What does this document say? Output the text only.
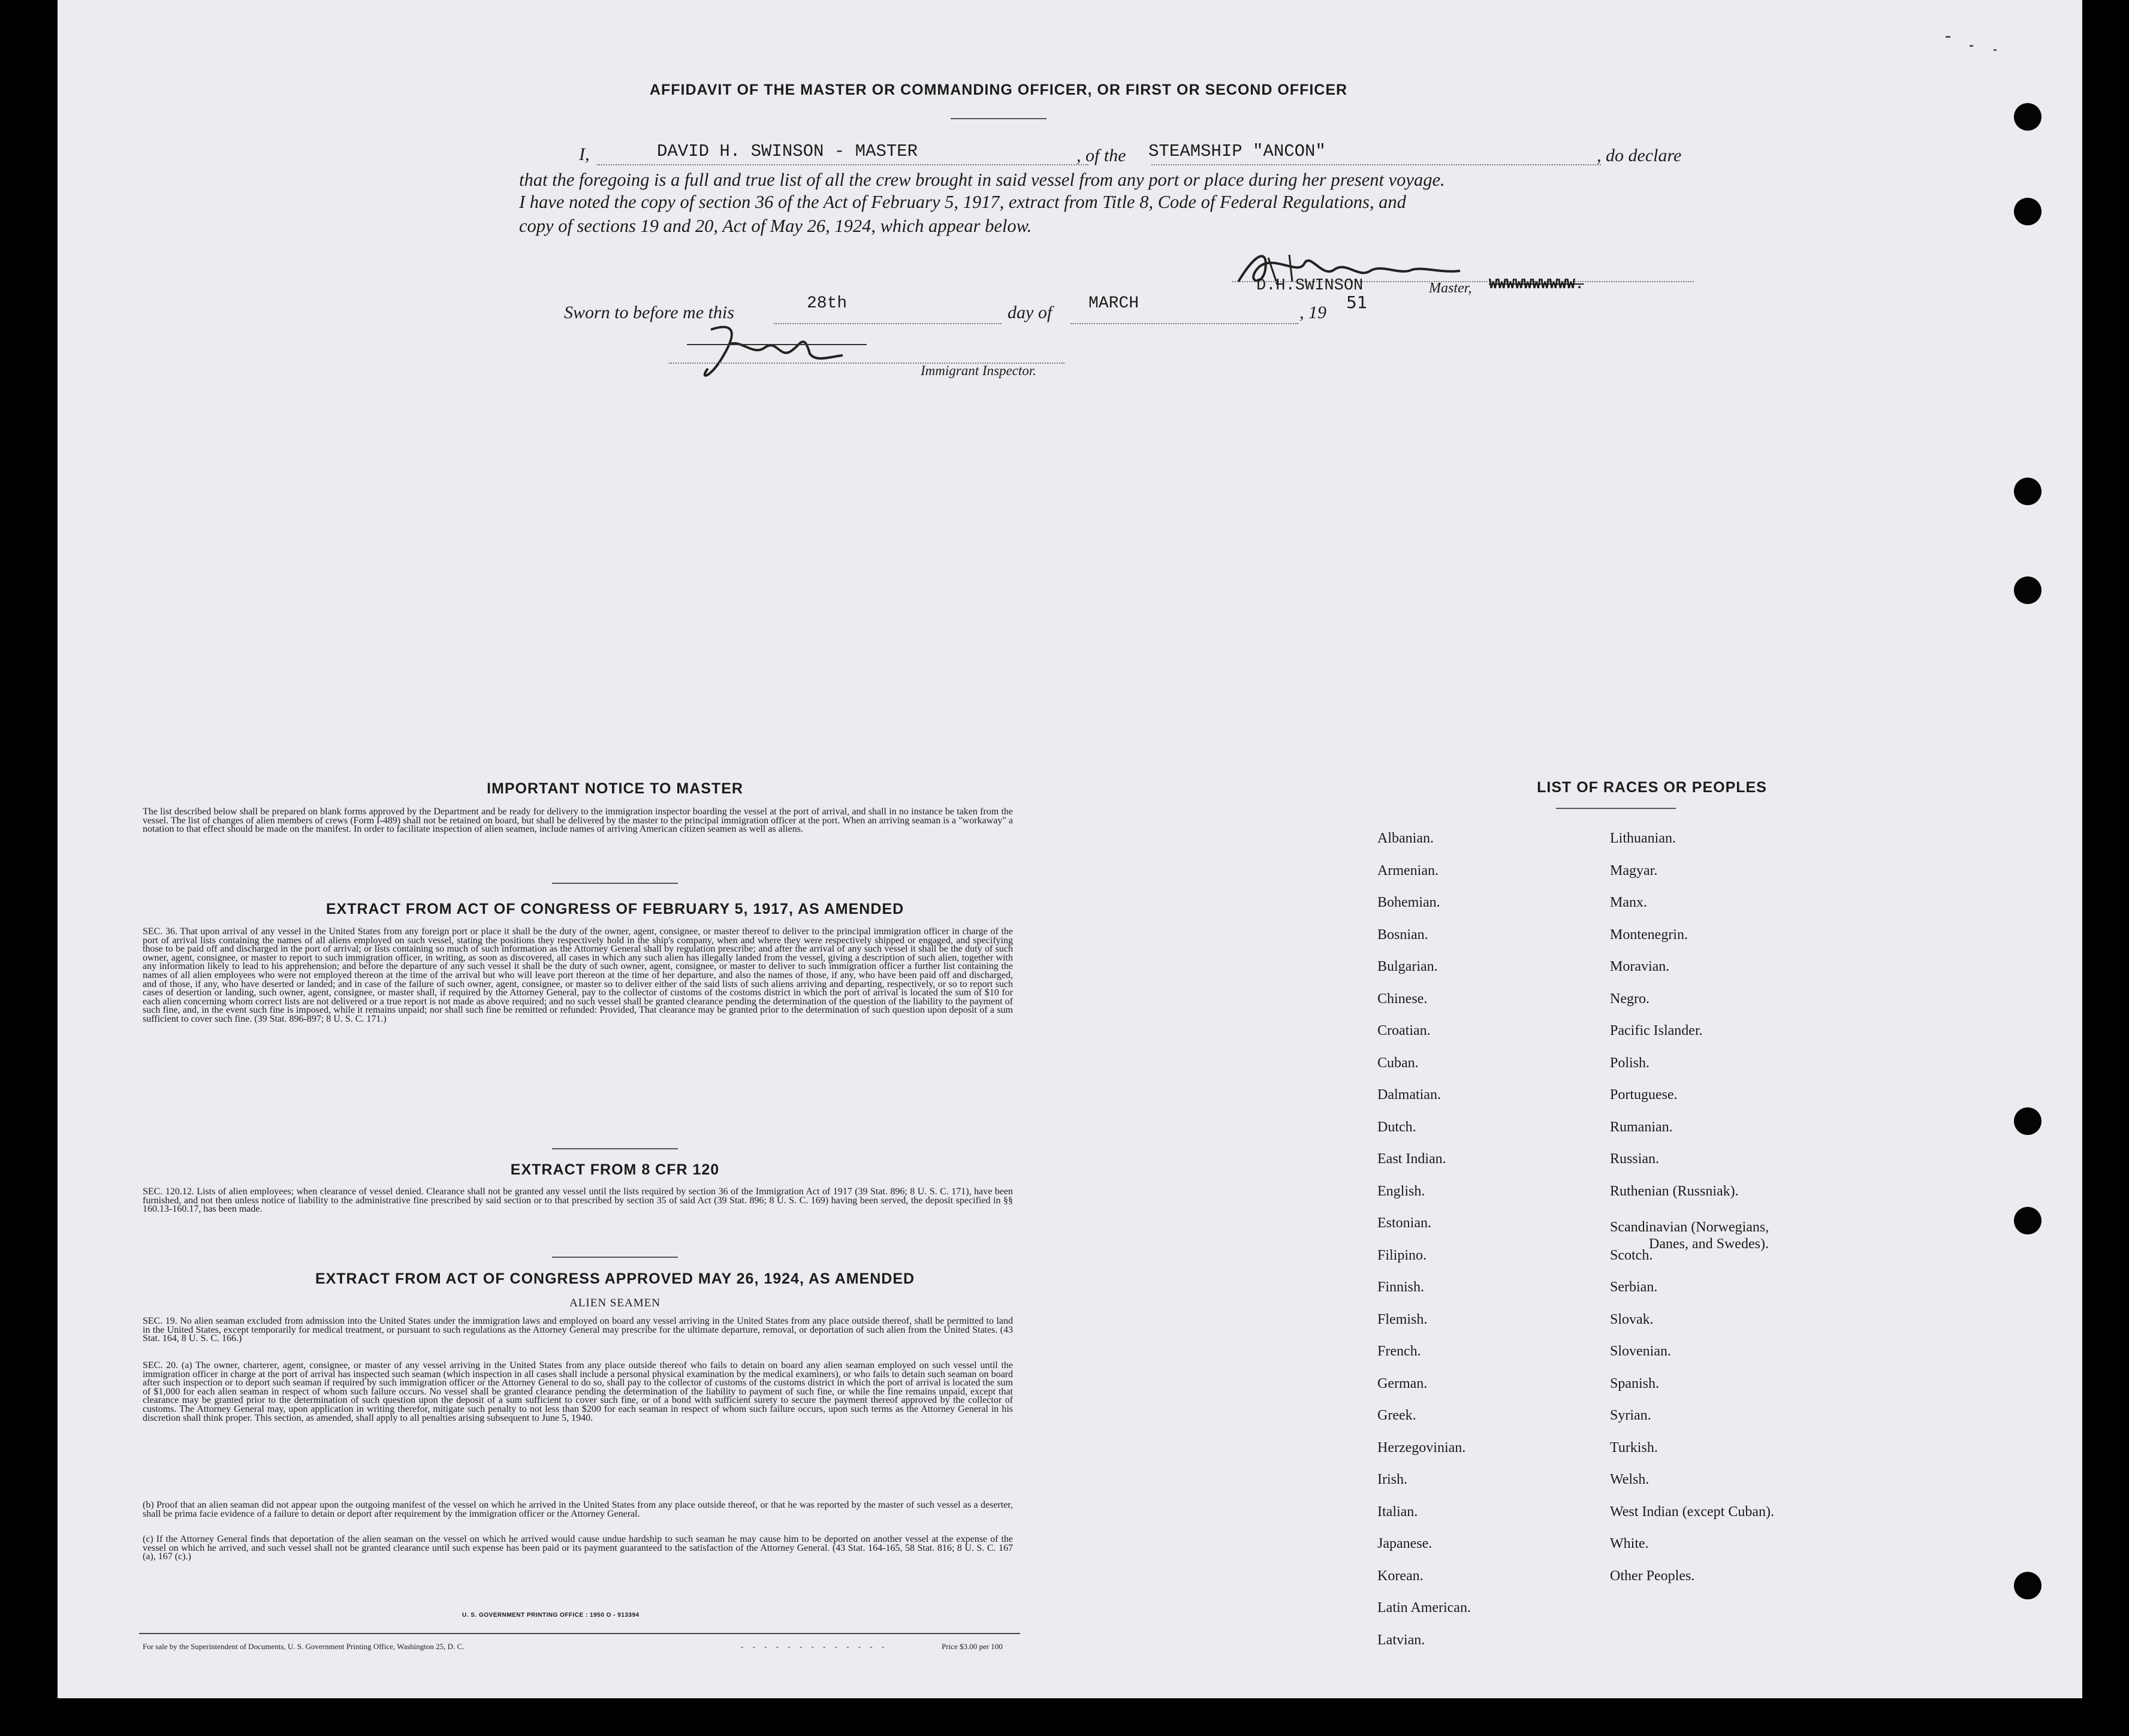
AFFIDAVIT OF THE MASTER OR COMMANDING OFFICER, OR FIRST OR SECOND OFFICER
I,	DAVID H. SWINSON - MASTER	, of the STEAMSHIP "ANCON"	, do declare
that the foregoing is a full and true list of all the crew brought in said vessel from any port or place during her present voyage.
I have noted the copy of section 36 of the Act of February 5, 1917, extract from Title 8, Code of Federal Regulations, and
copy of sections 19 and 20, Act of May 26, 1924, which appear below.
D.H.SWINSON	Master, WWWWWWWWWW.
Sworn to before me this	28th	day of MARCH	, 19
51
Immigrant Inspector.
IMPORTANT NOTICE TO MASTER
The list described below shall be prepared on blank forms approved by the Department and be ready for delivery to the immigration inspector boarding the vessel at the port of arrival, and shall in no instance be taken from the vessel. The list of changes of alien members of crews (Form I-489) shall not be retained on board, but shall be delivered by the master to the principal immigration officer at the port. When an arriving seaman is a "workaway" a notation to that effect should be made on the manifest. In order to facilitate inspection of alien seamen, include names of arriving American citizen seamen as well as aliens.
EXTRACT FROM ACT OF CONGRESS OF FEBRUARY 5, 1917, AS AMENDED
SEC. 36. That upon arrival of any vessel in the United States from any foreign port or place it shall be the duty of the owner, agent, consignee, or master thereof to deliver to the principal immigration officer in charge of the port of arrival lists containing the names of all aliens employed on such vessel, stating the positions they respectively hold in the ship's company, when and where they were respectively shipped or engaged, and specifying those to be paid off and discharged in the port of arrival; or lists containing so much of such information as the Attorney General shall by regulation prescribe; and after the arrival of any such vessel it shall be the duty of such owner, agent, consignee, or master to report to such immigration officer, in writing, as soon as discovered, all cases in which any such alien has illegally landed from the vessel, giving a description of such alien, together with any information likely to lead to his apprehension; and before the departure of any such vessel it shall be the duty of such owner, agent, consignee, or master to deliver to such immigration officer a further list containing the names of all alien employees who were not employed thereon at the time of the arrival but who will leave port thereon at the time of her departure, and also the names of those, if any, who have been paid off and discharged, and of those, if any, who have deserted or landed; and in case of the failure of such owner, agent, consignee, or master so to deliver either of the said lists of such aliens arriving and departing, respectively, or so to report such cases of desertion or landing, such owner, agent, consignee, or master shall, if required by the Attorney General, pay to the collector of customs of the costoms district in which the port of arrival is located the sum of $10 for each alien concerning whom correct lists are not delivered or a true report is not made as above required; and no such vessel shall be granted clearance pending the determination of the question of the liability to the payment of such fine, and, in the event such fine is imposed, while it remains unpaid; nor shall such fine be remitted or refunded: Provided, That clearance may be granted prior to the determination of such question upon deposit of a sum sufficient to cover such fine. (39 Stat. 896-897; 8 U. S. C. 171.)
EXTRACT FROM 8 CFR 120
SEC. 120.12. Lists of alien employees; when clearance of vessel denied. Clearance shall not be granted any vessel until the lists required by section 36 of the Immigration Act of 1917 (39 Stat. 896; 8 U. S. C. 171), have been furnished, and not then unless notice of liability to the administrative fine prescribed by said section or to that prescribed by section 35 of said Act (39 Stat. 896; 8 U. S. C. 169) having been served, the deposit specified in §§ 160.13-160.17, has been made.
EXTRACT FROM ACT OF CONGRESS APPROVED MAY 26, 1924, AS AMENDED
ALIEN SEAMEN
SEC. 19. No alien seaman excluded from admission into the United States under the immigration laws and employed on board any vessel arriving in the United States from any place outside thereof, shall be permitted to land in the United States, except temporarily for medical treatment, or pursuant to such regulations as the Attorney General may prescribe for the ultimate departure, removal, or deportation of such alien from the United States. (43 Stat. 164, 8 U. S. C. 166.)
SEC. 20. (a) The owner, charterer, agent, consignee, or master of any vessel arriving in the United States from any place outside thereof who fails to detain on board any alien seaman employed on such vessel until the immigration officer in charge at the port of arrival has inspected such seaman (which inspection in all cases shall include a personal physical examination by the medical examiners), or who fails to detain such seaman on board after such inspection or to deport such seaman if required by such immigration officer or the Attorney General to do so, shall pay to the collector of customs of the customs district in which the port of arrival is located the sum of $1,000 for each alien seaman in respect of whom such failure occurs. No vessel shall be granted clearance pending the determination of the liability to payment of such fine, or while the fine remains unpaid, except that clearance may be granted prior to the determination of such question upon the deposit of a sum sufficient to cover such fine, or of a bond with sufficient surety to secure the payment thereof approved by the collector of customs. The Attorney General may, upon application in writing therefor, mitigate such penalty to not less than $200 for each seaman in respect of whom such failure occurs, upon such terms as the Attorney General in his discretion shall think proper. This section, as amended, shall apply to all penalties arising subsequent to June 5, 1940.
(b) Proof that an alien seaman did not appear upon the outgoing manifest of the vessel on which he arrived in the United States from any place outside thereof, or that he was reported by the master of such vessel as a deserter, shall be prima facie evidence of a failure to detain or deport after requirement by the immigration officer or the Attorney General.
(c) If the Attorney General finds that deportation of the alien seaman on the vessel on which he arrived would cause undue hardship to such seaman he may cause him to be deported on another vessel at the expense of the vessel on which he arrived, and such vessel shall not be granted clearance until such expense has been paid or its payment guaranteed to the satisfaction of the Attorney General. (43 Stat. 164-165, 58 Stat. 816; 8 U. S. C. 167 (a), 167 (c).)
U. S. GOVERNMENT PRINTING OFFICE : 1950 O - 913394
For sale by the Superintendent of Documents, U. S. Government Printing Office, Washington 25, D. C.	- - - - - - - - - - - - -	Price $3.00 per 100
LIST OF RACES OR PEOPLES
Albanian.
Armenian.
Bohemian.
Bosnian.
Bulgarian.
Chinese.
Croatian.
Cuban.
Dalmatian.
Dutch.
East Indian.
English.
Estonian.
Filipino.
Finnish.
Flemish.
French.
German.
Greek.
Herzegovinian.
Irish.
Italian.
Japanese.
Korean.
Latin American.
Latvian.
Lithuanian.
Magyar.
Manx.
Montenegrin.
Moravian.
Negro.
Pacific Islander.
Polish.
Portuguese.
Rumanian.
Russian.
Ruthenian (Russniak).
Scandinavian (Norwegians,
Danes, and Swedes).
Scotch.
Serbian.
Slovak.
Slovenian.
Spanish.
Syrian.
Turkish.
Welsh.
West Indian (except Cuban).
White.
Other Peoples.
